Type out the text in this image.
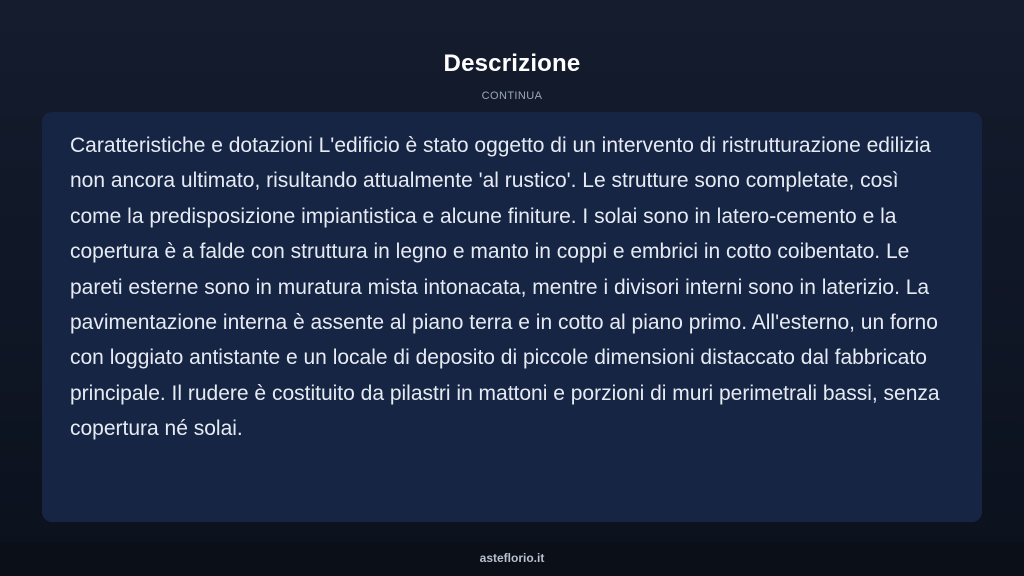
Descrizione
CONTINUA

Caratteristiche e dotazioni L'edificio è stato oggetto di un intervento di ristrutturazione edilizia non ancora ultimato, risultando attualmente 'al rustico'. Le strutture sono completate, così come la predisposizione impiantistica e alcune finiture. I solai sono in latero-cemento e la copertura è a falde con struttura in legno e manto in coppi e embrici in cotto coibentato. Le pareti esterne sono in muratura mista intonacata, mentre i divisori interni sono in laterizio. La pavimentazione interna è assente al piano terra e in cotto al piano primo. All'esterno, un forno con loggiato antistante e un locale di deposito di piccole dimensioni distaccato dal fabbricato principale. Il rudere è costituito da pilastri in mattoni e porzioni di muri perimetrali bassi, senza copertura né solai.

asteflorio.it
